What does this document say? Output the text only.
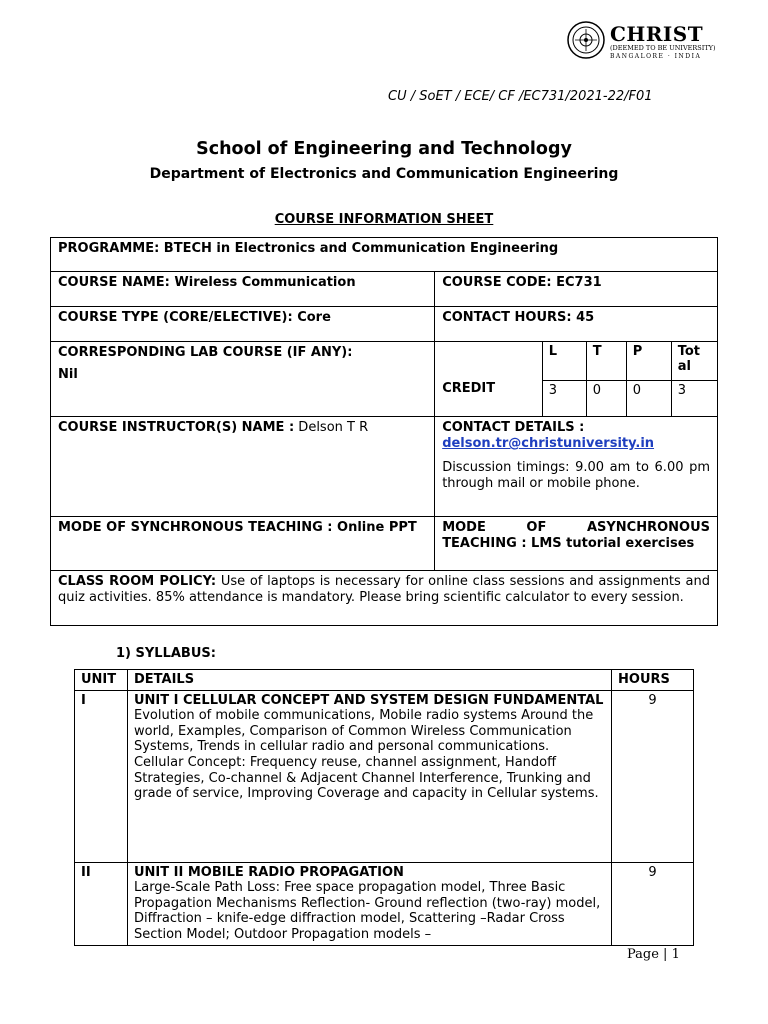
CHRIST
(DEEMED TO BE UNIVERSITY)
BANGALORE · INDIA
CU / SoET / ECE/ CF /EC731/2021-22/F01
School of Engineering and Technology
Department of Electronics and Communication Engineering
COURSE INFORMATION SHEET
PROGRAMME: BTECH in Electronics and Communication Engineering
COURSE NAME: Wireless Communication	COURSE CODE: EC731
COURSE TYPE (CORE/ELECTIVE): Core	CONTACT HOURS: 45

CORRESPONDING LAB COURSE (IF ANY):
Nil

CREDIT	L	T	P	Tot al
3	0	0	3

COURSE INSTRUCTOR(S) NAME : Delson T R	CONTACT DETAILS :
delson.tr@christuniversity.in
Discussion timings: 9.00 am to 6.00 pm through mail or mobile phone.

MODE OF SYNCHRONOUS TEACHING : Online PPT	MODE OF ASYNCHRONOUS TEACHING : LMS tutorial exercises
CLASS ROOM POLICY: Use of laptops is necessary for online class sessions and assignments and quiz activities. 85% attendance is mandatory. Please bring scientific calculator to every session.
1) SYLLABUS:
UNIT	DETAILS	HOURS
I	UNIT I CELLULAR CONCEPT AND SYSTEM DESIGN FUNDAMENTAL
Evolution of mobile communications, Mobile radio systems Around the world, Examples, Comparison of Common Wireless Communication Systems, Trends in cellular radio and personal communications.
Cellular Concept: Frequency reuse, channel assignment, Handoff Strategies, Co-channel & Adjacent Channel Interference, Trunking and grade of service, Improving Coverage and capacity in Cellular systems.	9
II	UNIT II MOBILE RADIO PROPAGATION
Large-Scale Path Loss: Free space propagation model, Three Basic Propagation Mechanisms Reflection- Ground reflection (two-ray) model, Diffraction – knife-edge diffraction model, Scattering –Radar Cross Section Model; Outdoor Propagation models –	9
Page | 1
